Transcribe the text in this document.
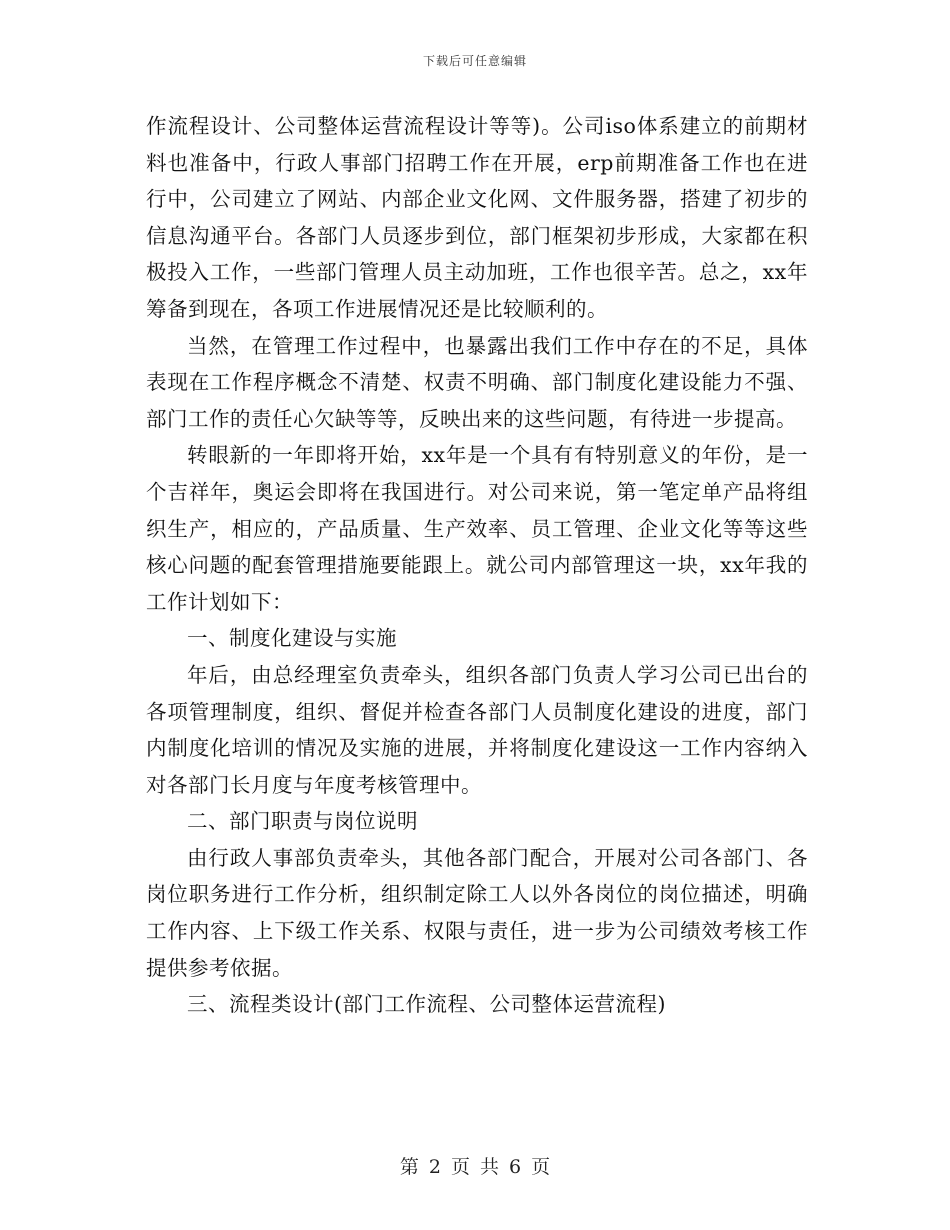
下载后可任意编辑

作流程设计、公司整体运营流程设计等等)。公司iso体系建立的前期材料也准备中，行政人事部门招聘工作在开展，erp前期准备工作也在进行中，公司建立了网站、内部企业文化网、文件服务器，搭建了初步的信息沟通平台。各部门人员逐步到位，部门框架初步形成，大家都在积极投入工作，一些部门管理人员主动加班，工作也很辛苦。总之，xx年筹备到现在，各项工作进展情况还是比较顺利的。

当然，在管理工作过程中，也暴露出我们工作中存在的不足，具体表现在工作程序概念不清楚、权责不明确、部门制度化建设能力不强、部门工作的责任心欠缺等等，反映出来的这些问题，有待进一步提高。

转眼新的一年即将开始，xx年是一个具有有特别意义的年份，是一个吉祥年，奥运会即将在我国进行。对公司来说，第一笔定单产品将组织生产，相应的，产品质量、生产效率、员工管理、企业文化等等这些核心问题的配套管理措施要能跟上。就公司内部管理这一块，xx年我的工作计划如下：

一、制度化建设与实施

年后，由总经理室负责牵头，组织各部门负责人学习公司已出台的各项管理制度，组织、督促并检查各部门人员制度化建设的进度，部门内制度化培训的情况及实施的进展，并将制度化建设这一工作内容纳入对各部门长月度与年度考核管理中。

二、部门职责与岗位说明

由行政人事部负责牵头，其他各部门配合，开展对公司各部门、各岗位职务进行工作分析，组织制定除工人以外各岗位的岗位描述，明确工作内容、上下级工作关系、权限与责任，进一步为公司绩效考核工作提供参考依据。

三、流程类设计(部门工作流程、公司整体运营流程)

第 2 页 共 6 页
